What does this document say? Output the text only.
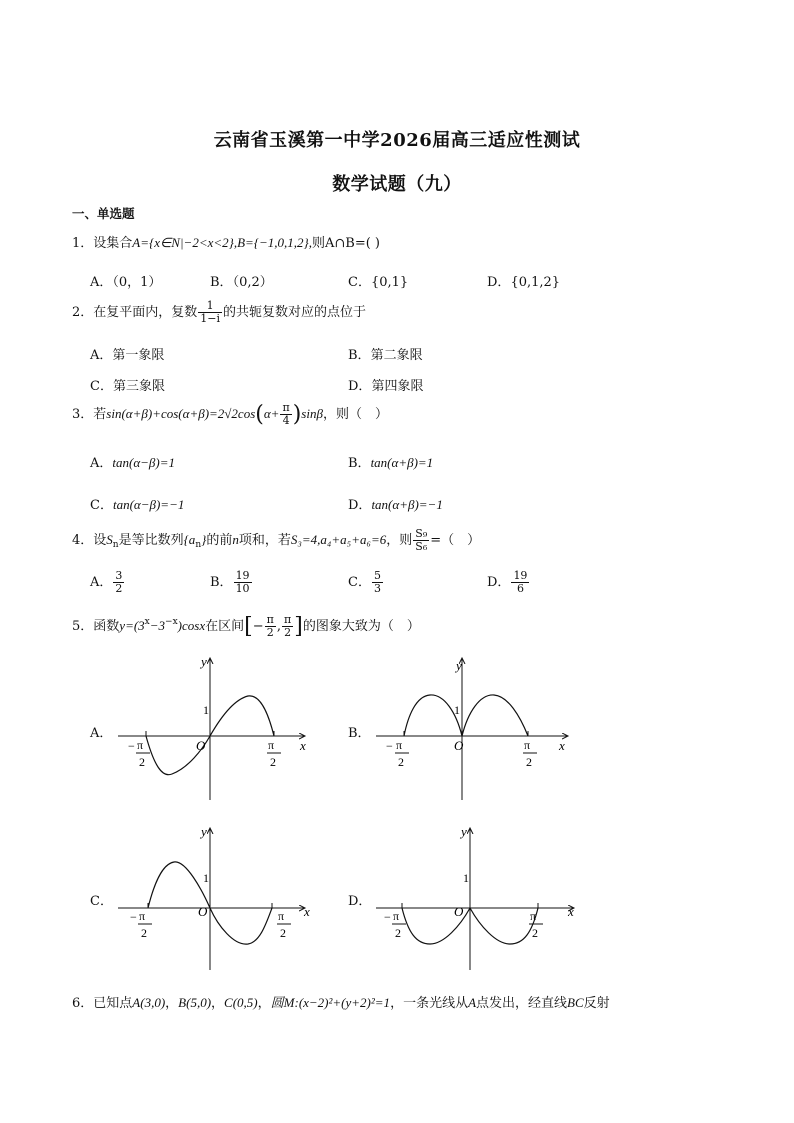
云南省玉溪第一中学2026届高三适应性测试
数学试题（九）
一、单选题
1．设集合A={x∈N|−2<x<2},B={−1,0,1,2},则A∩B=( )
A．（0，1）	B．（0,2）	C．{0,1}	D．{0,1,2}
2．在复平面内，复数 $\frac{1}{1-i}$ 的共轭复数对应的点位于
A．第一象限	B．第二象限
C．第三象限	D．第四象限
3．若$\sin(\alpha+\beta)+\cos(\alpha+\beta)=2√2\cos(\alpha+ \frac{\pi}{4} )\sin\beta$，则（　）
A．tan(α−β)=1	B．tan(α+β)=1
C．tan(α−β)=−1	D．tan(α+β)=−1
4．设$S_n$是等比数列$\{a_n\}$的前n项和，若S₃=4,a₄+a₅+a₆=6，则 $\frac{\text{S₉}}{\text{S₆}}$ =（　）
A． $\frac{3}{2}$	B． $\frac{19}{10}$	C． $\frac{5}{3}$	D． $\frac{19}{6}$
5．函数$y=(3^x-3^{-x})\cos x$在区间[− $\frac{\pi}{2}$ , $\frac{\pi}{2}$ ]的图象大致为（　）
A．
y
x
O
1
− π
2
π
2
B．
y
x
O
1
− π
2
π
2
C．
y
x
O
1
− π
2
π
2
D．
y
x
O
1
− π
2
π
2
6．已知点A(3,0)，B(5,0)，C(0,5)，圆M:(x−2)²+(y+2)²=1，一条光线从A点发出，经直线BC反射
